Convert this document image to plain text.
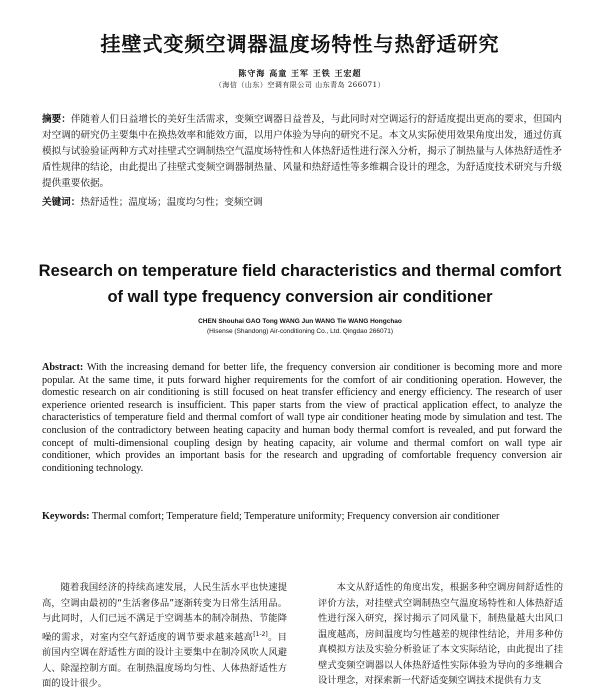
挂壁式变频空调器温度场特性与热舒适研究
陈守海 高童 王军 王铁 王宏超
（海信（山东）空调有限公司 山东青岛 266071）
摘要：伴随着人们日益增长的美好生活需求，变频空调器日益普及，与此同时对空调运行的舒适度提出更高的要求，但国内对空调的研究仍主要集中在换热效率和能效方面，以用户体验为导向的研究不足。本文从实际使用效果角度出发，通过仿真模拟与试验验证两种方式对挂壁式空调制热空气温度场特性和人体热舒适性进行深入分析，揭示了制热量与人体热舒适性矛盾性规律的结论，由此提出了挂壁式变频空调器制热量、风量和热舒适性等多维耦合设计的理念，为舒适度技术研究与升级提供重要依据。
关键词：热舒适性；温度场；温度均匀性；变频空调
Research on temperature field characteristics and thermal comfort of wall type frequency conversion air conditioner
CHEN Shouhai GAO Tong WANG Jun WANG Tie WANG Hongchao
(Hisense (Shandong) Air-conditioning Co., Ltd. Qingdao 266071)
Abstract: With the increasing demand for better life, the frequency conversion air conditioner is becoming more and more popular. At the same time, it puts forward higher requirements for the comfort of air conditioning operation. However, the domestic research on air conditioning is still focused on heat transfer efficiency and energy efficiency. The research of user experience oriented research is insufficient. This paper starts from the view of practical application effect, to analyze the characteristics of temperature field and thermal comfort of wall type air conditioner heating mode by simulation and test. The conclusion of the contradictory between heating capacity and human body thermal comfort is revealed, and put forward the concept of multi-dimensional coupling design by heating capacity, air volume and thermal comfort on wall type air conditioner, which provides an important basis for the research and upgrading of comfortable frequency conversion air conditioning technology.
Keywords: Thermal comfort; Temperature field; Temperature uniformity; Frequency conversion air conditioner
随着我国经济的持续高速发展，人民生活水平也快速提高，空调由最初的“生活奢侈品”逐渐转变为日常生活用品。与此同时，人们已远不满足于空调基本的制冷制热、节能降噪的需求，对室内空气舒适度的调节要求越来越高[1-2]。目前国内空调在舒适性方面的设计主要集中在制冷风吹人风避人、除湿控制方面。在制热温度场均匀性、人体热舒适性方面的设计很少。
本文从舒适性的角度出发，根据多种空调房间舒适性的评价方法，对挂壁式空调制热空气温度场特性和人体热舒适性进行深入研究，探讨揭示了同风量下，制热量越大出风口温度越高，房间温度均匀性越差的规律性结论，并用多种仿真模拟方法及实验分析验证了本文实际结论，由此提出了挂壁式变频空调器以人体热舒适性实际体验为导向的多维耦合设计理念，对探索新一代舒适变频空调技术提供有力支
